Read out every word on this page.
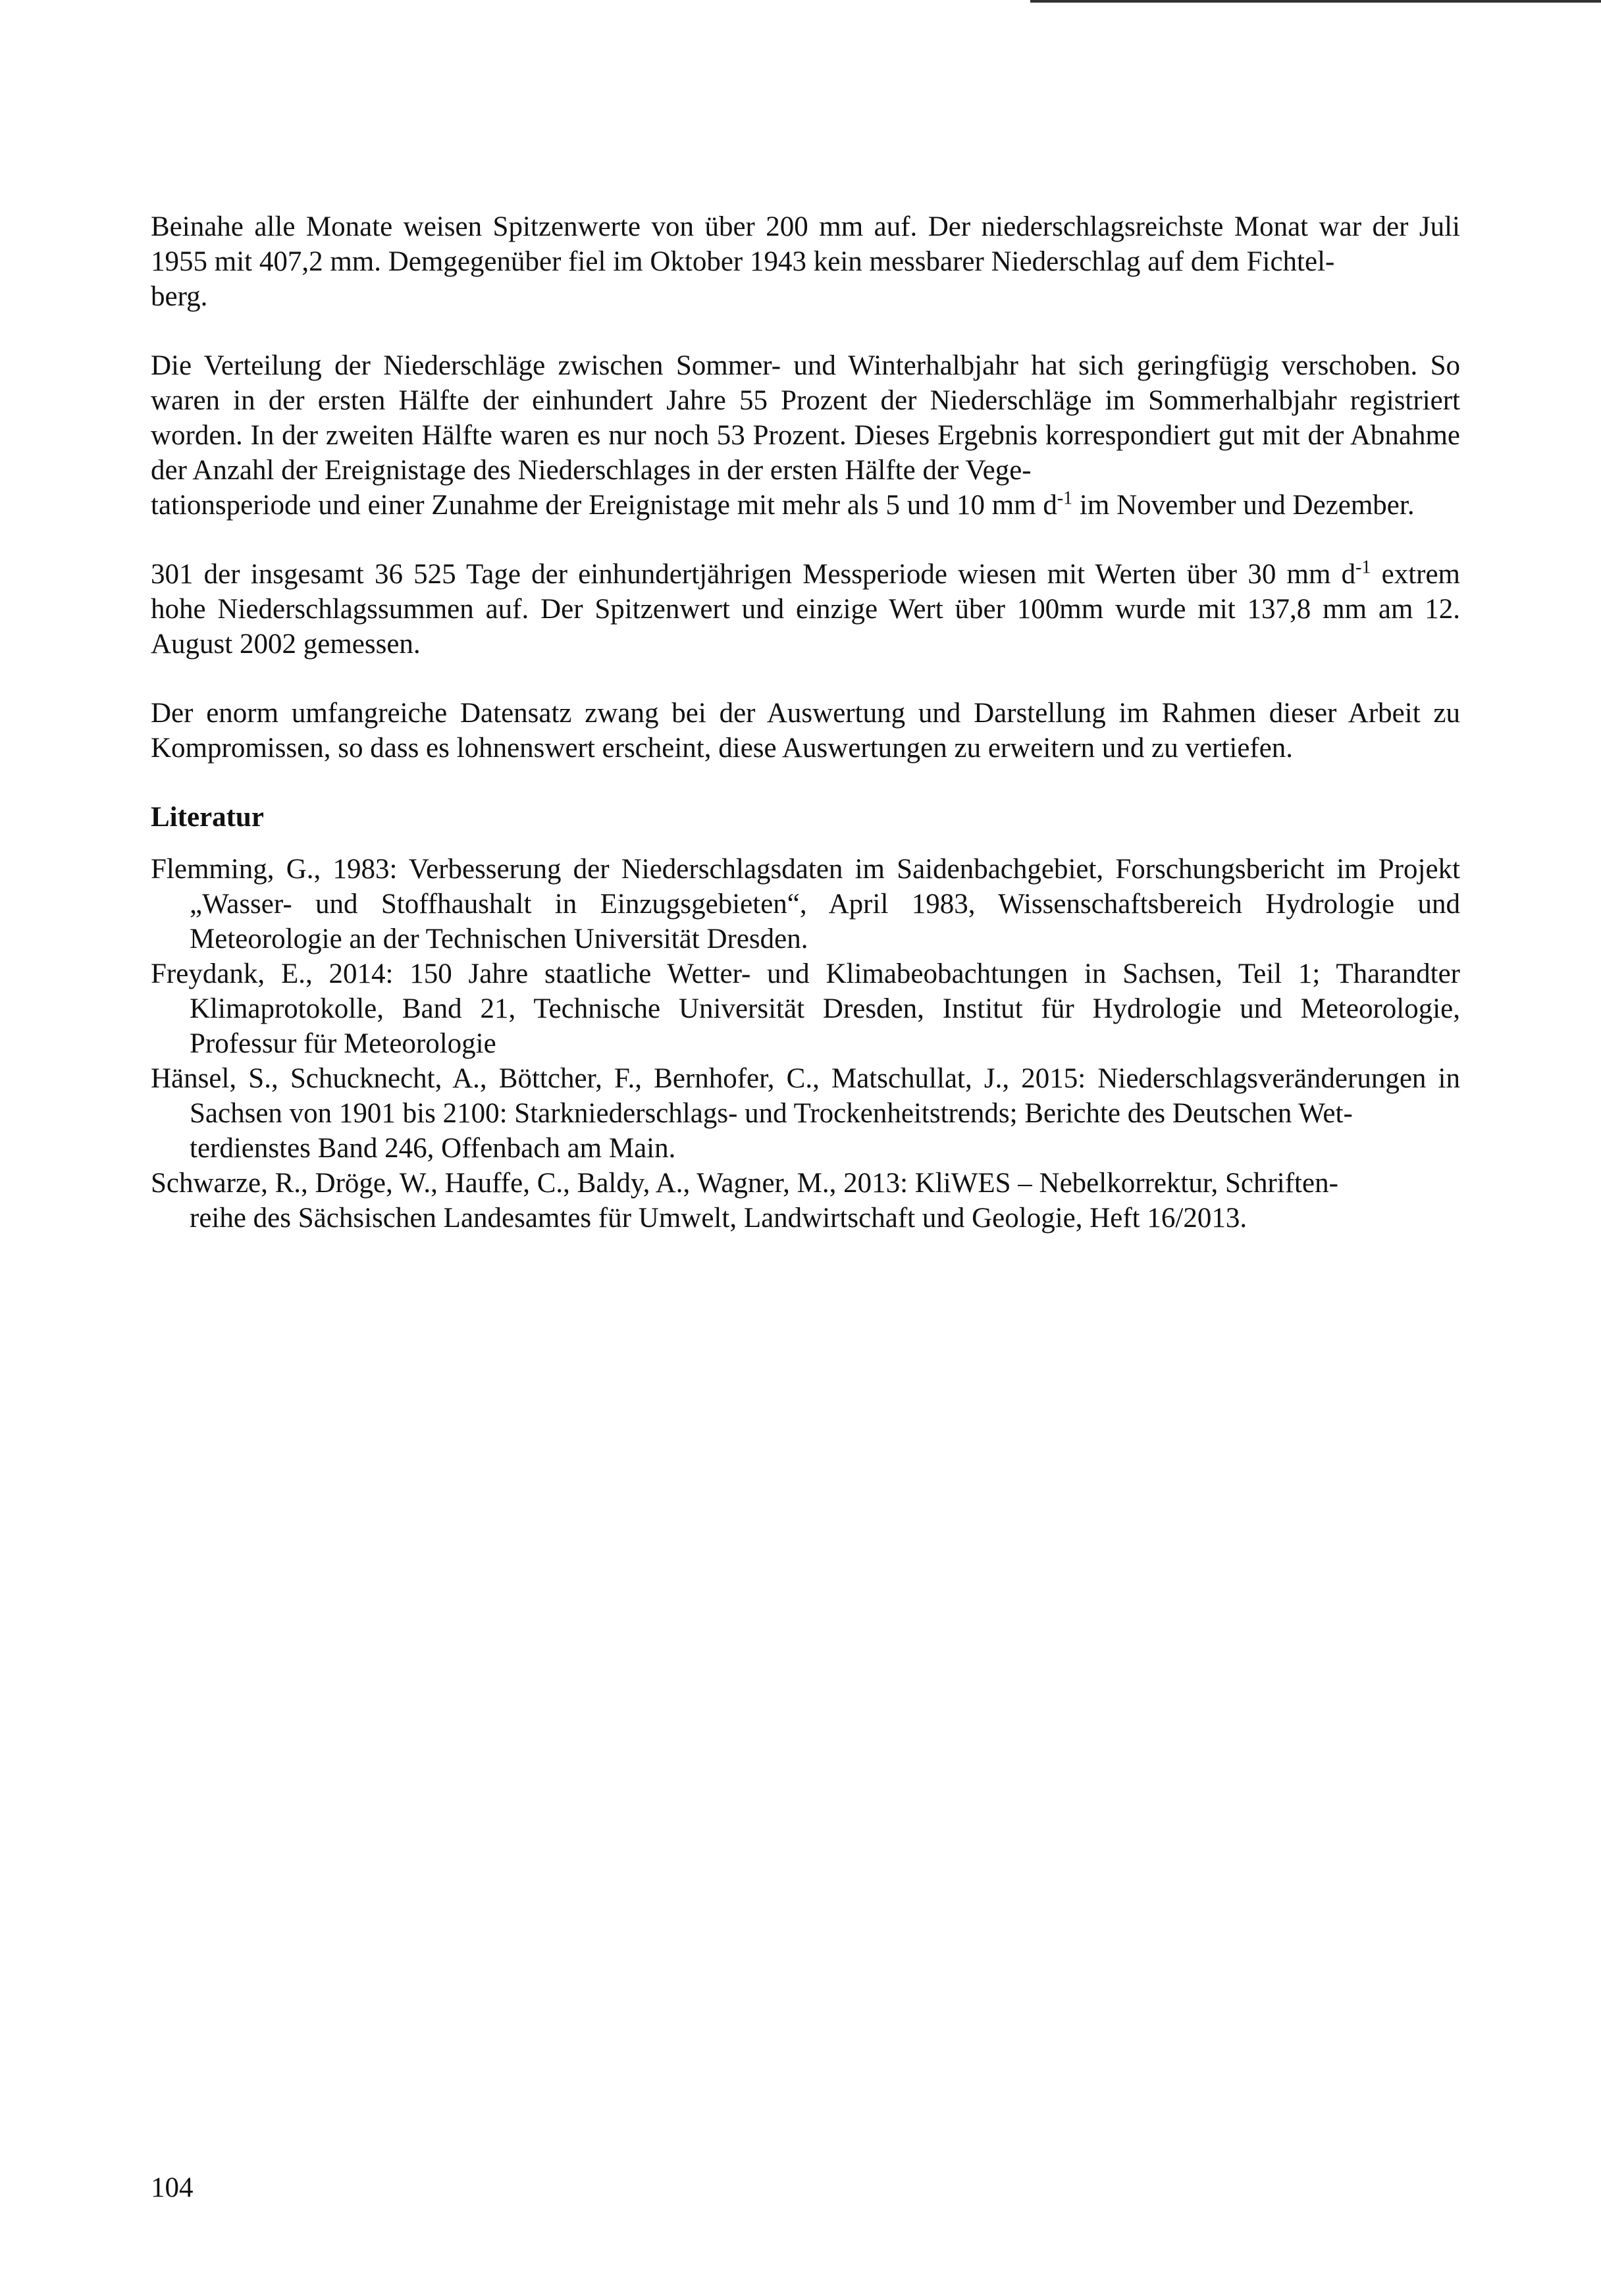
Beinahe alle Monate weisen Spitzenwerte von über 200 mm auf. Der niederschlagsreichste Monat war der Juli 1955 mit 407,2 mm. Demgegenüber fiel im Oktober 1943 kein messbarer Niederschlag auf dem Fichtel-
berg.

Die Verteilung der Niederschläge zwischen Sommer- und Winterhalbjahr hat sich geringfügig verschoben. So waren in der ersten Hälfte der einhundert Jahre 55 Prozent der Niederschläge im Sommerhalbjahr registriert worden. In der zweiten Hälfte waren es nur noch 53 Prozent. Dieses Ergebnis korrespondiert gut mit der Abnahme der Anzahl der Ereignistage des Niederschlages in der ersten Hälfte der Vege-
tationsperiode und einer Zunahme der Ereignistage mit mehr als 5 und 10 mm $d^{-1}$ im November und Dezember.

301 der insgesamt 36 525 Tage der einhundertjährigen Messperiode wiesen mit Werten über 30 mm $d^{-1}$ extrem hohe Niederschlagssummen auf. Der Spitzenwert und einzige Wert über 100mm wurde mit 137,8 mm am 12. August 2002 gemessen.

Der enorm umfangreiche Datensatz zwang bei der Auswertung und Darstellung im Rahmen dieser Arbeit zu Kompromissen, so dass es lohnenswert erscheint, diese Auswertungen zu erweitern und zu vertiefen.

Literatur

Flemming, G., 1983: Verbesserung der Niederschlagsdaten im Saidenbachgebiet, Forschungsbericht im Projekt „Wasser- und Stoffhaushalt in Einzugsgebieten“, April 1983, Wissenschaftsbereich Hydrologie und Meteorologie an der Technischen Universität Dresden.

Freydank, E., 2014: 150 Jahre staatliche Wetter- und Klimabeobachtungen in Sachsen, Teil 1; Tharandter Klimaprotokolle, Band 21, Technische Universität Dresden, Institut für Hydrologie und Meteorologie, Professur für Meteorologie

Hänsel, S., Schucknecht, A., Böttcher, F., Bernhofer, C., Matschullat, J., 2015: Niederschlagsveränderungen in Sachsen von 1901 bis 2100: Starkniederschlags- und Trockenheitstrends; Berichte des Deutschen Wet-
terdienstes Band 246, Offenbach am Main.

Schwarze, R., Dröge, W., Hauffe, C., Baldy, A., Wagner, M., 2013: KliWES – Nebelkorrektur, Schriften-
reihe des Sächsischen Landesamtes für Umwelt, Landwirtschaft und Geologie, Heft 16/2013.

104
